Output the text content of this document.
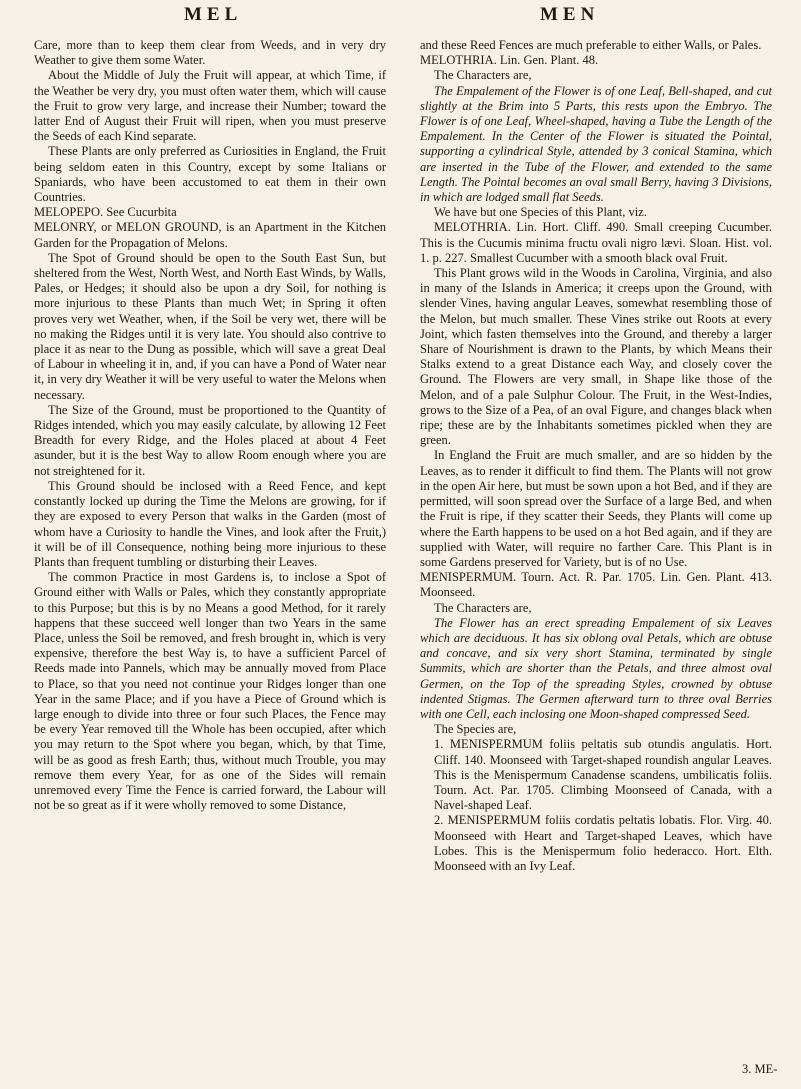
MEL	MEN

Care, more than to keep them clear from Weeds, and in very dry Weather to give them some Water.

About the Middle of July the Fruit will appear, at which Time, if the Weather be very dry, you must often water them, which will cause the Fruit to grow very large, and increase their Number; toward the latter End of August their Fruit will ripen, when you must preserve the Seeds of each Kind separate.

These Plants are only preferred as Curiosities in England, the Fruit being seldom eaten in this Country, except by some Italians or Spaniards, who have been accustomed to eat them in their own Countries.

MELOPEPO. See Cucurbita

MELONRY, or MELON GROUND, is an Apartment in the Kitchen Garden for the Propagation of Melons.

The Spot of Ground should be open to the South East Sun, but sheltered from the West, North West, and North East Winds, by Walls, Pales, or Hedges; it should also be upon a dry Soil, for nothing is more injurious to these Plants than much Wet; in Spring it often proves very wet Weather, when, if the Soil be very wet, there will be no making the Ridges until it is very late. You should also contrive to place it as near to the Dung as possible, which will save a great Deal of Labour in wheeling it in, and, if you can have a Pond of Water near it, in very dry Weather it will be very useful to water the Melons when necessary.

The Size of the Ground, must be proportioned to the Quantity of Ridges intended, which you may easily calculate, by allowing 12 Feet Breadth for every Ridge, and the Holes placed at about 4 Feet asunder, but it is the best Way to allow Room enough where you are not streightened for it.

This Ground should be inclosed with a Reed Fence, and kept constantly locked up during the Time the Melons are growing, for if they are exposed to every Person that walks in the Garden (most of whom have a Curiosity to handle the Vines, and look after the Fruit,) it will be of ill Consequence, nothing being more injurious to these Plants than frequent tumbling or disturbing their Leaves.

The common Practice in most Gardens is, to inclose a Spot of Ground either with Walls or Pales, which they constantly appropriate to this Purpose; but this is by no Means a good Method, for it rarely happens that these succeed well longer than two Years in the same Place, unless the Soil be removed, and fresh brought in, which is very expensive, therefore the best Way is, to have a sufficient Parcel of Reeds made into Pannels, which may be annually moved from Place to Place, so that you need not continue your Ridges longer than one Year in the same Place; and if you have a Piece of Ground which is large enough to divide into three or four such Places, the Fence may be every Year removed till the Whole has been occupied, after which you may return to the Spot where you began, which, by that Time, will be as good as fresh Earth; thus, without much Trouble, you may remove them every Year, for as one of the Sides will remain unremoved every Time the Fence is carried forward, the Labour will not be so great as if it were wholly removed to some Distance,

and these Reed Fences are much preferable to either Walls, or Pales.

MELOTHRIA. Lin. Gen. Plant. 48.

The Characters are,

The Empalement of the Flower is of one Leaf, Bell-shaped, and cut slightly at the Brim into 5 Parts, this rests upon the Embryo. The Flower is of one Leaf, Wheel-shaped, having a Tube the Length of the Empalement. In the Center of the Flower is situated the Pointal, supporting a cylindrical Style, attended by 3 conical Stamina, which are inserted in the Tube of the Flower, and extended to the same Length. The Pointal becomes an oval small Berry, having 3 Divisions, in which are lodged small flat Seeds.

We have but one Species of this Plant, viz.

MELOTHRIA. Lin. Hort. Cliff. 490. Small creeping Cucumber. This is the Cucumis minima fructu ovali nigro lævi. Sloan. Hist. vol. 1. p. 227. Smallest Cucumber with a smooth black oval Fruit.

This Plant grows wild in the Woods in Carolina, Virginia, and also in many of the Islands in America; it creeps upon the Ground, with slender Vines, having angular Leaves, somewhat resembling those of the Melon, but much smaller. These Vines strike out Roots at every Joint, which fasten themselves into the Ground, and thereby a larger Share of Nourishment is drawn to the Plants, by which Means their Stalks extend to a great Distance each Way, and closely cover the Ground. The Flowers are very small, in Shape like those of the Melon, and of a pale Sulphur Colour. The Fruit, in the West-Indies, grows to the Size of a Pea, of an oval Figure, and changes black when ripe; these are by the Inhabitants sometimes pickled when they are green.

In England the Fruit are much smaller, and are so hidden by the Leaves, as to render it difficult to find them. The Plants will not grow in the open Air here, but must be sown upon a hot Bed, and if they are permitted, will soon spread over the Surface of a large Bed, and when the Fruit is ripe, if they scatter their Seeds, they Plants will come up where the Earth happens to be used on a hot Bed again, and if they are supplied with Water, will require no farther Care. This Plant is in some Gardens preserved for Variety, but is of no Use.

MENISPERMUM. Tourn. Act. R. Par. 1705. Lin. Gen. Plant. 413. Moonseed.

The Characters are,

The Flower has an erect spreading Empalement of six Leaves which are deciduous. It has six oblong oval Petals, which are obtuse and concave, and six very short Stamina, terminated by single Summits, which are shorter than the Petals, and three almost oval Germen, on the Top of the spreading Styles, crowned by obtuse indented Stigmas. The Germen afterward turn to three oval Berries with one Cell, each inclosing one Moon-shaped compressed Seed.

The Species are,

1. MENISPERMUM foliis peltatis sub otundis angulatis. Hort. Cliff. 140. Moonseed with Target-shaped roundish angular Leaves. This is the Menispermum Canadense scandens, umbilicatis foliis. Tourn. Act. Par. 1705. Climbing Moonseed of Canada, with a Navel-shaped Leaf.

2. MENISPERMUM foliis cordatis peltatis lobatis. Flor. Virg. 40. Moonseed with Heart and Target-shaped Leaves, which have Lobes. This is the Menispermum folio hederacco. Hort. Elth. Moonseed with an Ivy Leaf.

3. ME-
